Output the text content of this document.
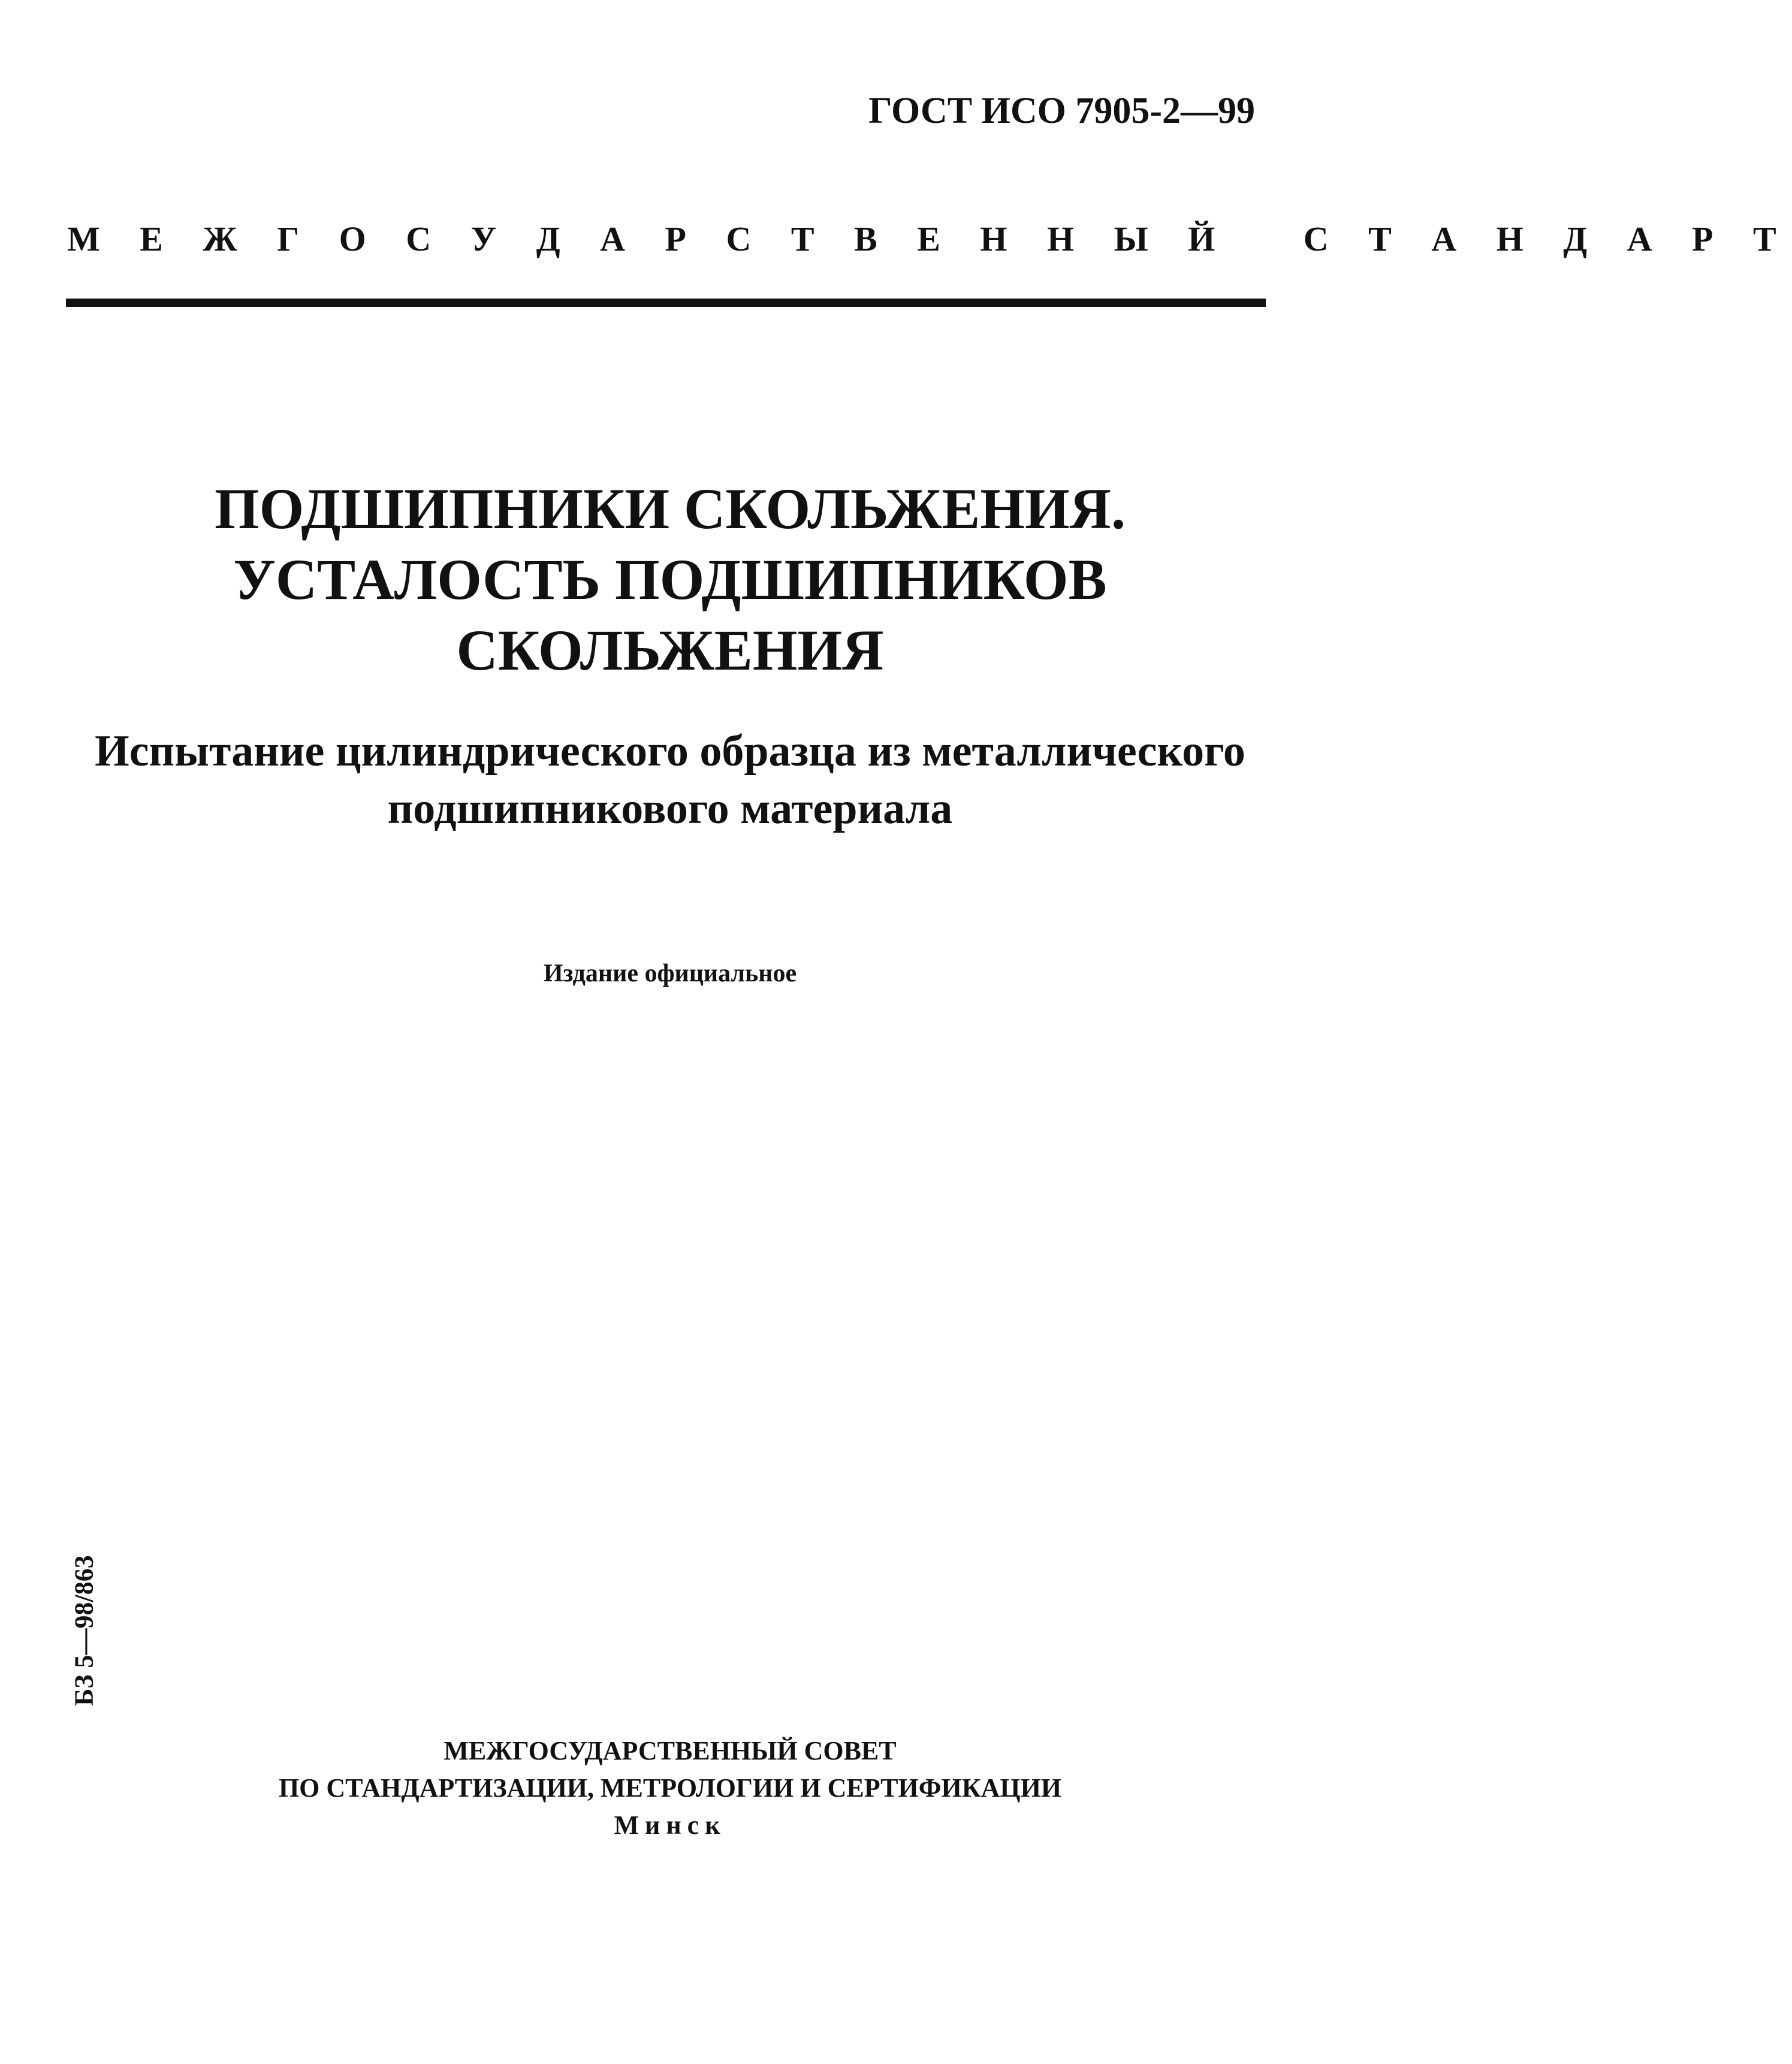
ГОСТ ИСО 7905-2—99
М Е Ж Г О С У Д А Р С Т В Е Н Н Ы Й   С Т А Н Д А Р Т
ПОДШИПНИКИ СКОЛЬЖЕНИЯ.
УСТАЛОСТЬ ПОДШИПНИКОВ
СКОЛЬЖЕНИЯ
Испытание цилиндрического образца из металлического
подшипникового материала
Издание официальное
БЗ 5—98/863
МЕЖГОСУДАРСТВЕННЫЙ СОВЕТ
ПО СТАНДАРТИЗАЦИИ, МЕТРОЛОГИИ И СЕРТИФИКАЦИИ
Минск
